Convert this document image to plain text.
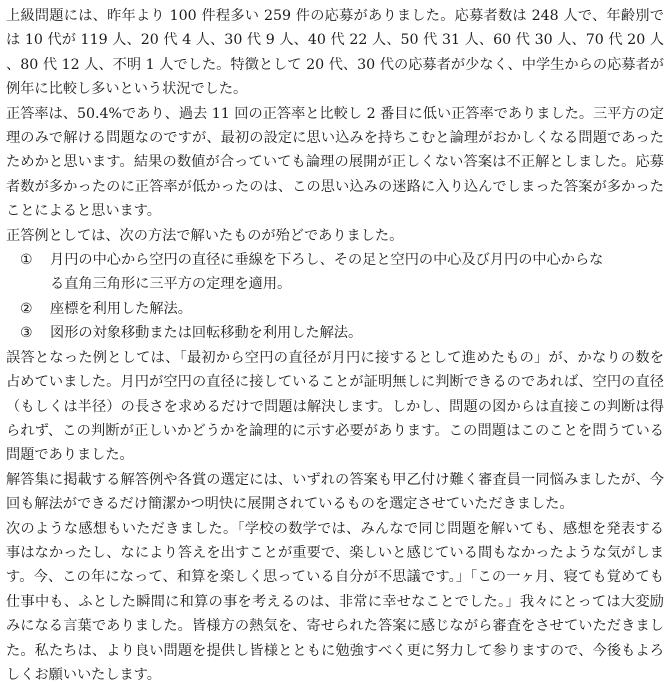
上級問題には、昨年より 100 件程多い 259 件の応募がありました。応募者数は 248 人で、年齢別では 10 代が 119 人、20 代 4 人、30 代 9 人、40 代 22 人、50 代 31 人、60 代 30 人、70 代 20 人、80 代 12 人、不明 1 人でした。特徴として 20 代、30 代の応募者が少なく、中学生からの応募者が例年に比較し多いという状況でした。

正答率は、50.4%であり、過去 11 回の正答率と比較し 2 番目に低い正答率でありました。三平方の定理のみで解ける問題なのですが、最初の設定に思い込みを持ちこむと論理がおかしくなる問題であったためかと思います。結果の数値が合っていても論理の展開が正しくない答案は不正解としました。応募者数が多かったのに正答率が低かったのは、この思い込みの迷路に入り込んでしまった答案が多かったことによると思います。

正答例としては、次の方法で解いたものが殆どでありました。

①	月円の中心から空円の直径に垂線を下ろし、その足と空円の中心及び月円の中心からなる直角三角形に三平方の定理を適用。
②	座標を利用した解法。
③	図形の対象移動または回転移動を利用した解法。

誤答となった例としては、「最初から空円の直径が月円に接するとして進めたもの」が、かなりの数を占めていました。月円が空円の直径に接していることが証明無しに判断できるのであれば、空円の直径（もしくは半径）の長さを求めるだけで問題は解決します。しかし、問題の図からは直接この判断は得られず、この判断が正しいかどうかを論理的に示す必要があります。この問題はこのことを問うている問題でありました。

解答集に掲載する解答例や各賞の選定には、いずれの答案も甲乙付け難く審査員一同悩みましたが、今回も解法ができるだけ簡潔かつ明快に展開されているものを選定させていただきました。

次のような感想もいただきました。「学校の数学では、みんなで同じ問題を解いても、感想を発表する事はなかったし、なにより答えを出すことが重要で、楽しいと感じている間もなかったような気がします。今、この年になって、和算を楽しく思っている自分が不思議です。」「この一ヶ月、寝ても覚めても仕事中も、ふとした瞬間に和算の事を考えるのは、非常に幸せなことでした。」我々にとっては大変励みになる言葉でありました。皆様方の熱気を、寄せられた答案に感じながら審査をさせていただきました。私たちは、より良い問題を提供し皆様とともに勉強すべく更に努力して参りますので、今後もよろしくお願いいたします。
